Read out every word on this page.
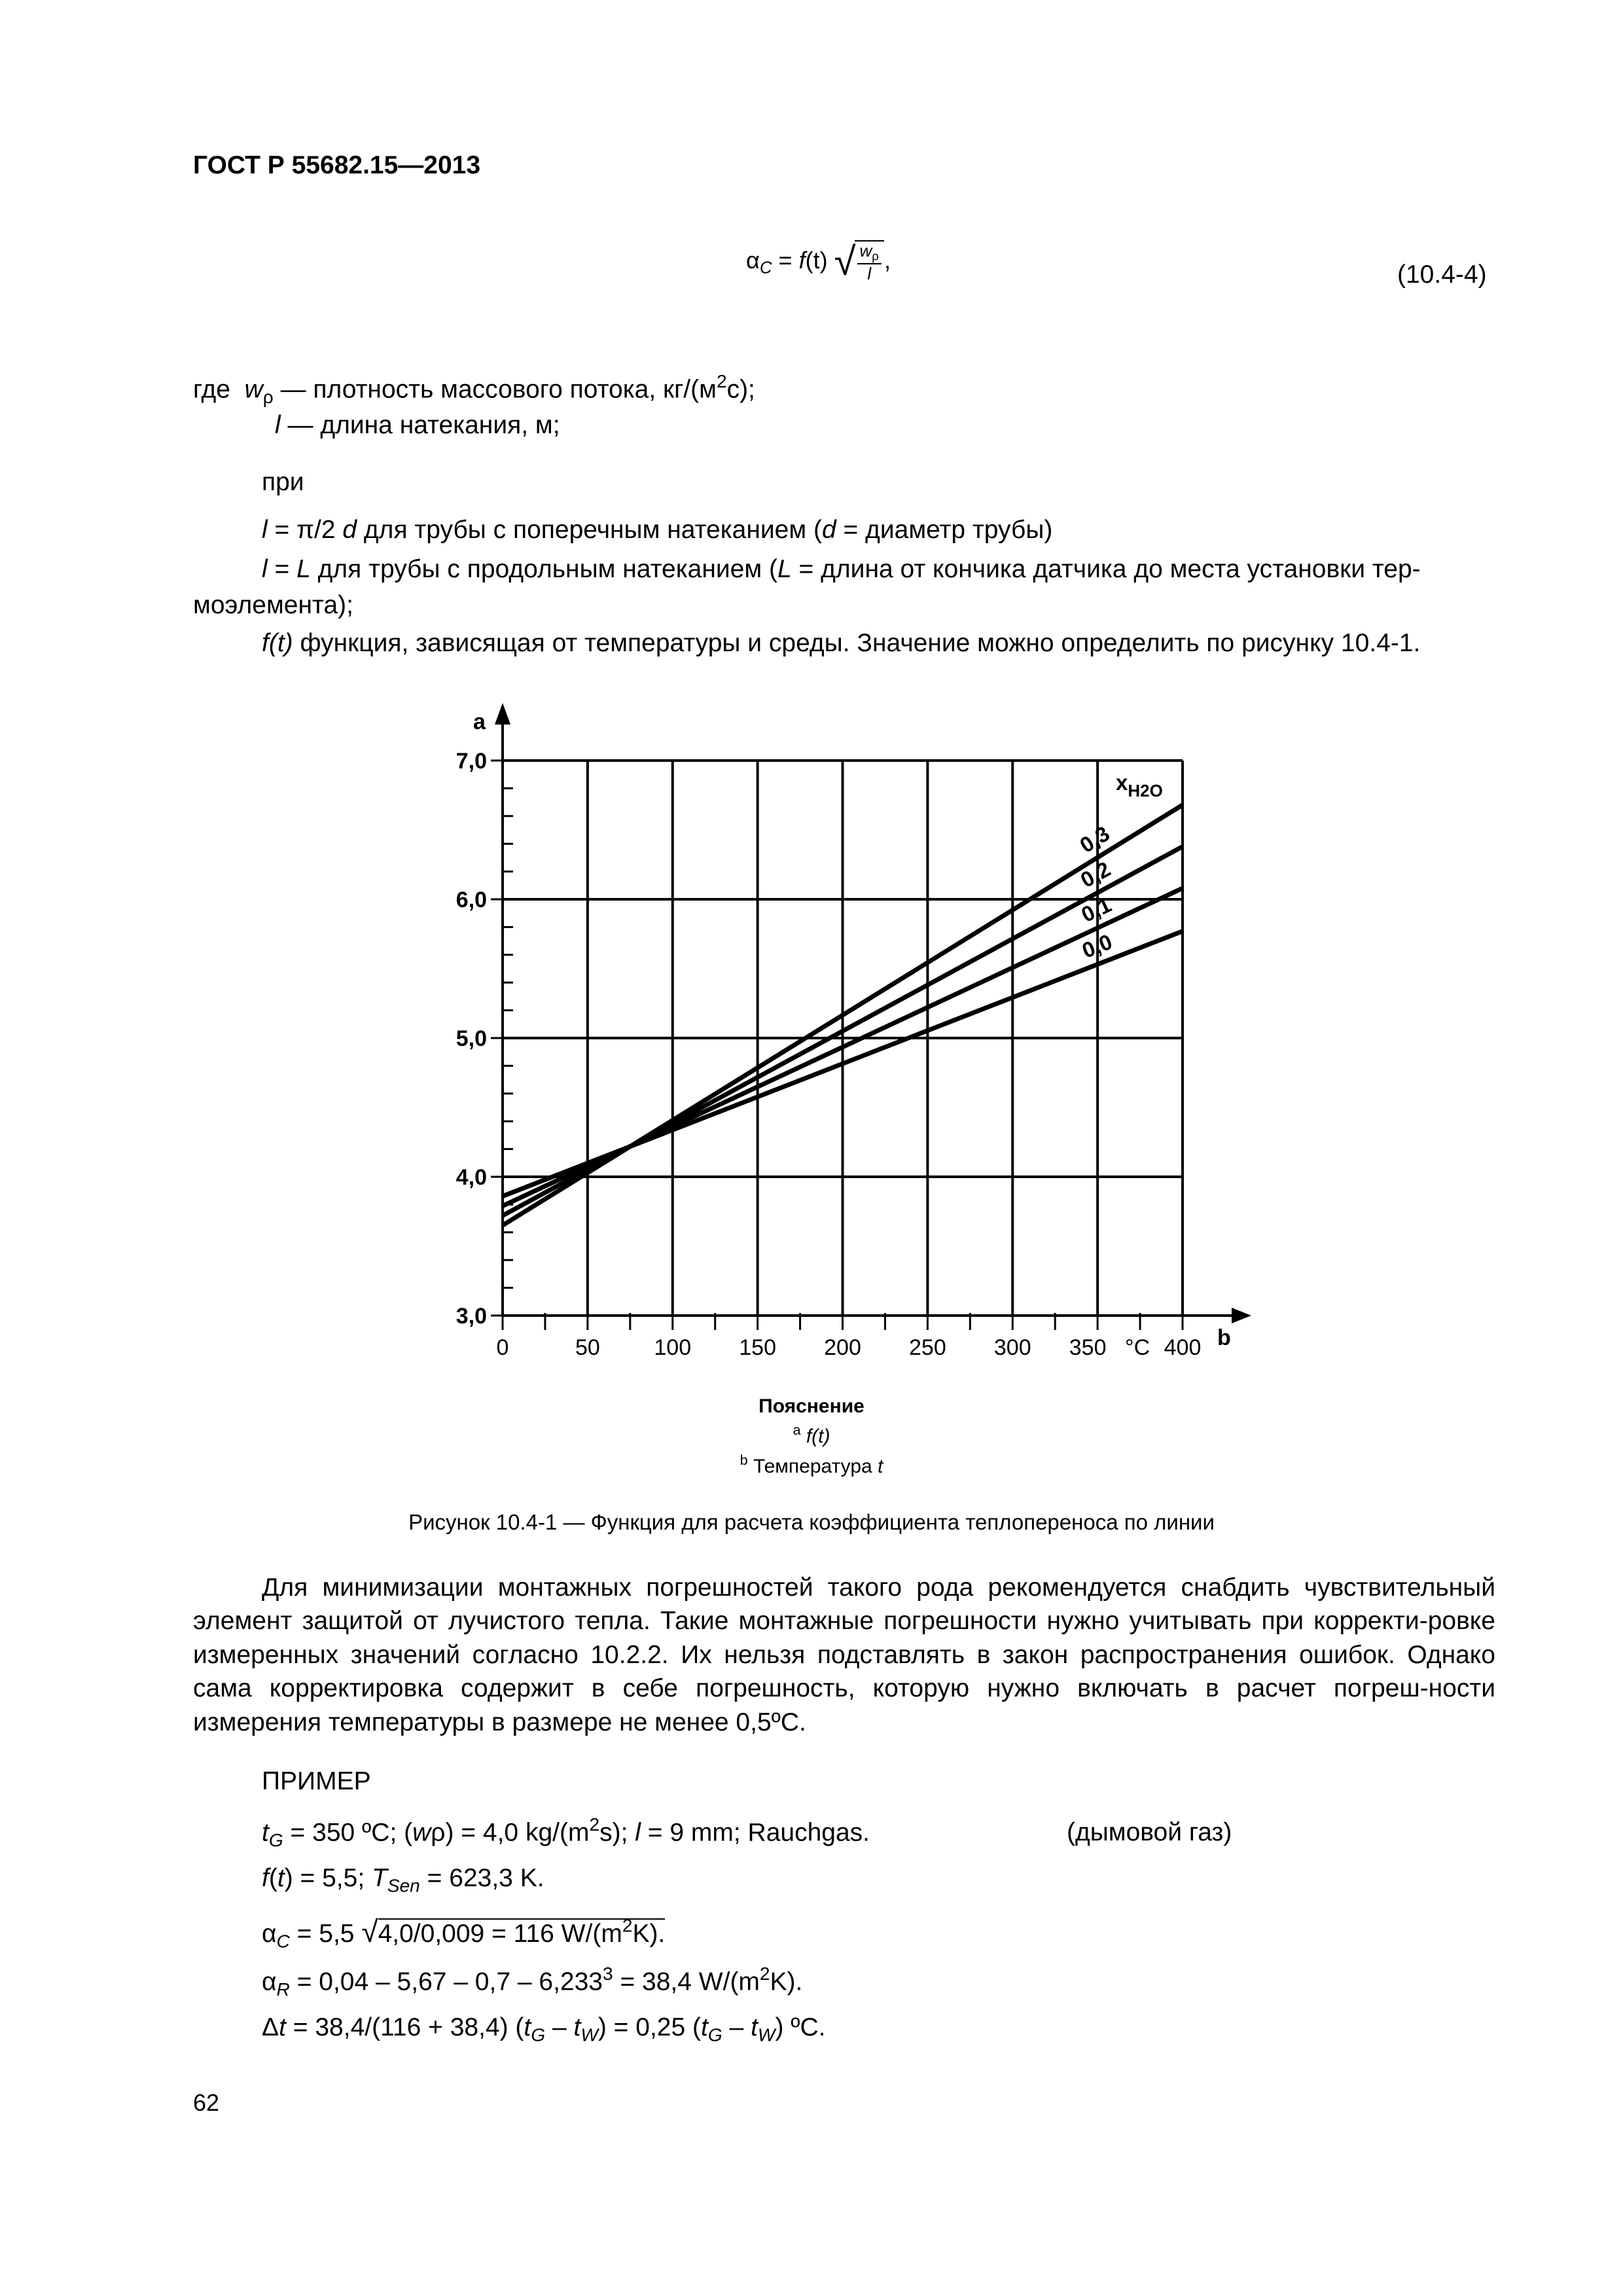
ГОСТ Р 55682.15—2013
$\alpha_C = f(t)$ √ $\frac{w_\rho}{l}$ ,
(10.4-4)
где $w_\rho$ — плотность массового потока, $кг/(м^2с)$;
l — длина натекания, м;
при
l = π/2 d для трубы с поперечным натеканием (d = диаметр трубы)
l = L для трубы с продольным натеканием (L = длина от кончика датчика до места установки тер-
моэлемента);
f(t) функция, зависящая от температуры и среды. Значение можно определить по рисунку 10.4-1.
3,0
4,0
5,0
6,0
7,0
0	50 100 150 200 250 300 350	400
°C
a
b
$x_{H2O}$
0,3
0,2
0,1
0,0
Пояснение
$^a$ f(t)
$^b$ Температура t
Рисунок 10.4-1 — Функция для расчета коэффициента теплопереноса по линии
Для минимизации монтажных погрешностей такого рода рекомендуется снабдить чувствительный элемент защитой от лучистого тепла. Такие монтажные погрешности нужно учитывать при корректи-ровке измеренных значений согласно 10.2.2. Их нельзя подставлять в закон распространения ошибок. Однако сама корректировка содержит в себе погрешность, которую нужно включать в расчет погреш-ности измерения температуры в размере не менее 0,5ºС.
ПРИМЕР
$t_G = 350$ ºС; (wρ) = 4,0 $kg/(m^2s)$; l = 9 mm; Rauchgas.	(дымовой газ)
f(t) = 5,5; $T_{Sen} = 623,3$ K.
$\alpha_C = 5,5$ √4,0/0,009 = 116 $W/(m^2K)$.
$\alpha_R = 0,04 - 5,67 - 0,7 - 6,233^3 = 38,4$ $W/(m^2K)$.
Δt = 38,4/(116 + 38,4) $(t_G - t_W) = 0,25$ $(t_G - t_W)$ ºС.
62
